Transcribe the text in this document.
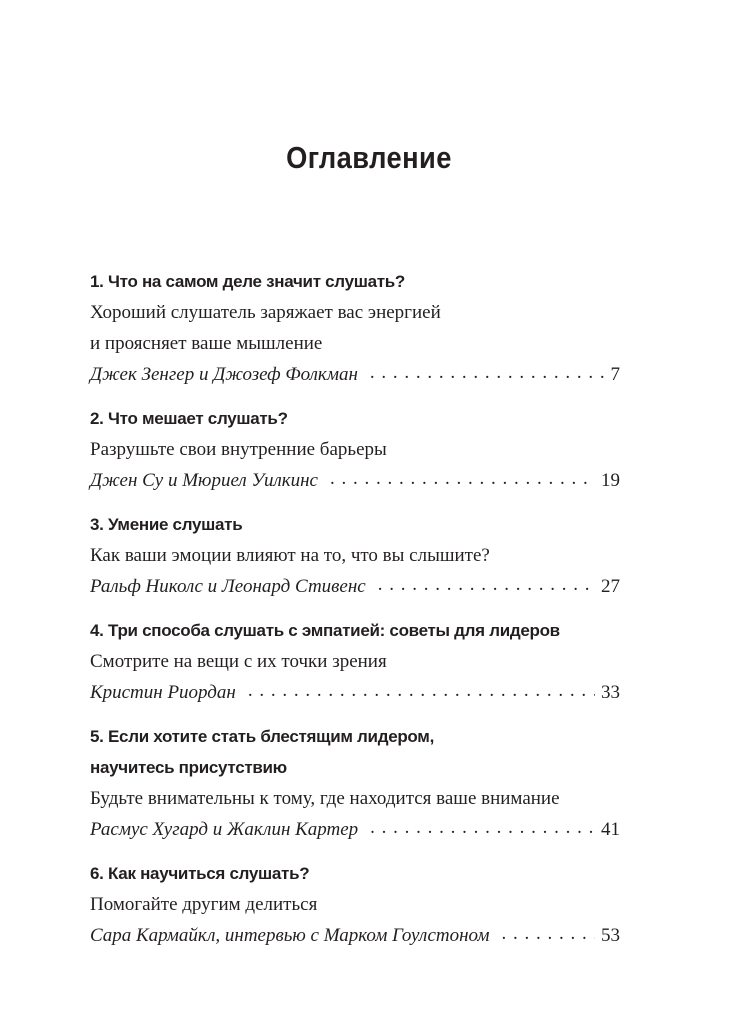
Оглавление
1. Что на самом деле значит слушать?
Хороший слушатель заряжает вас энергией
и проясняет ваше мышление
Джек Зенгер и Джозеф Фолкман . . .	7
2. Что мешает слушать?
Разрушьте свои внутренние барьеры
Джен Су и Мюриел Уилкинс . . .	19
3. Умение слушать
Как ваши эмоции влияют на то, что вы слышите?
Ральф Николс и Леонард Стивенс . . .	27
4. Три способа слушать с эмпатией: советы для лидеров
Смотрите на вещи с их точки зрения
Кристин Риордан . . .	33
5. Если хотите стать блестящим лидером,
научитесь присутствию
Будьте внимательны к тому, где находится ваше внимание
Расмус Хугард и Жаклин Картер . . .	41
6. Как научиться слушать?
Помогайте другим делиться
Сара Кармайкл, интервью с Марком Гоулстоном . . .	53
